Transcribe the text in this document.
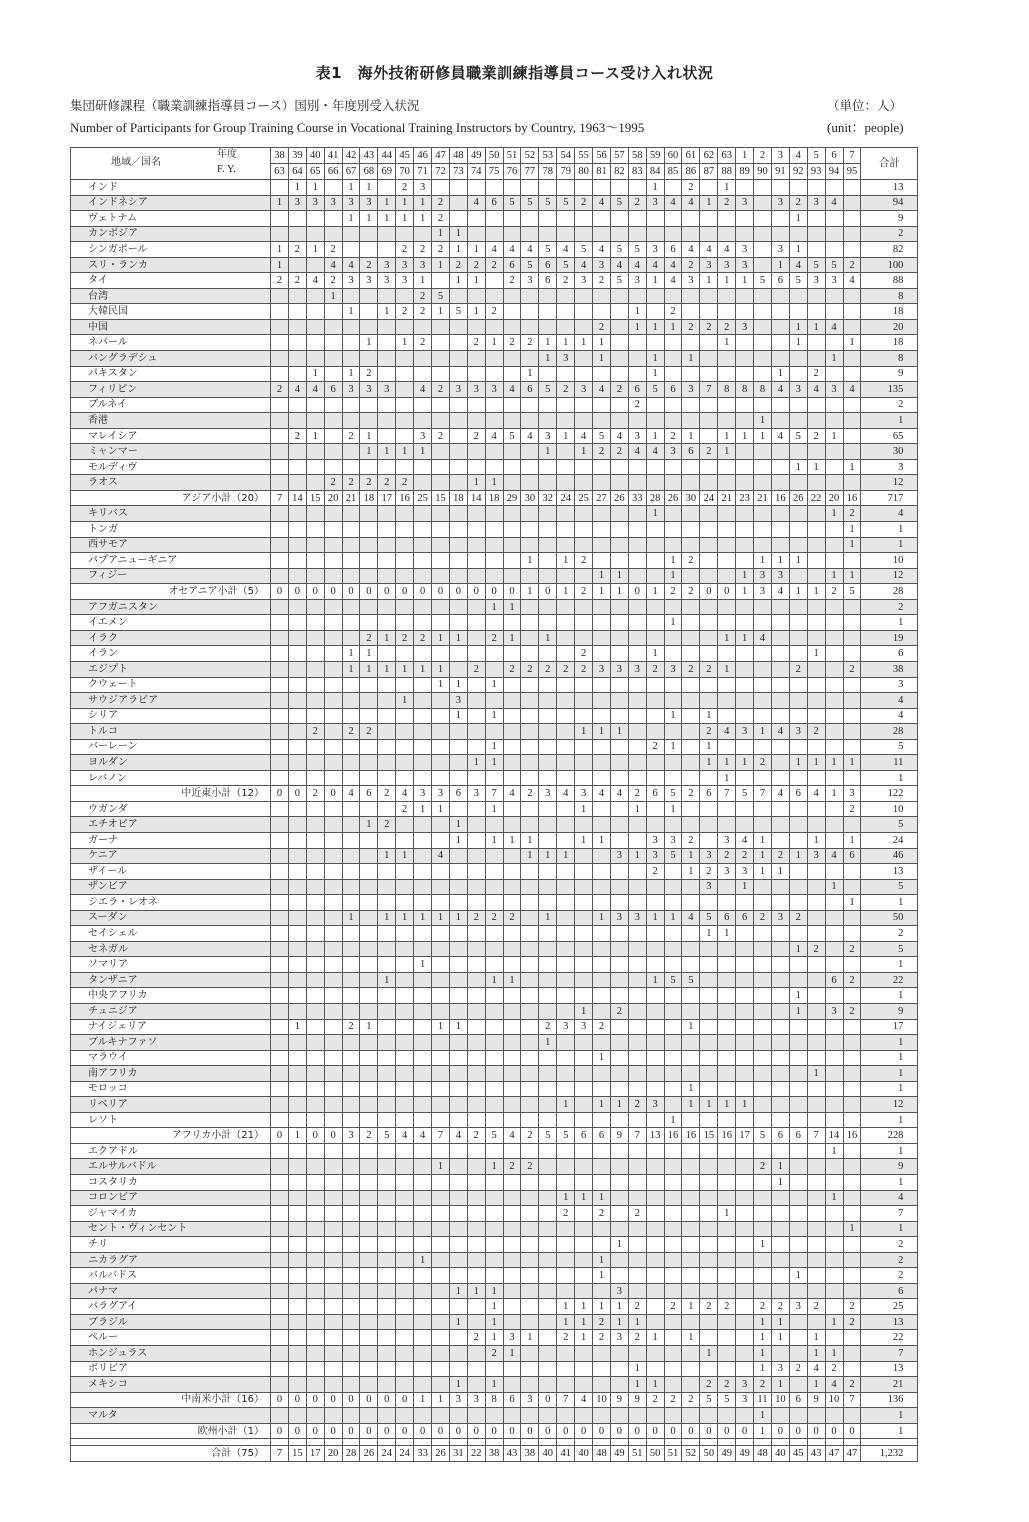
表1　海外技術研修員職業訓練指導員コース受け入れ状況
集団研修課程（職業訓練指導員コース）国別・年度別受入状況
Number of Participants for Group Training Course in Vocational Training Instructors by Country, 1963～1995
（単位：人）
(unit：people)
地域／国名
年度
F. Y.	38	39	40	41	42	43	44	45	46	47	48	49	50	51	52	53	54	55	56	57	58	59	60	61	62	63	1	2	3	4	5	6	7	合計
	63	64	65	66	67	68	69	70	71	72	73	74	75	76	77	78	79	80	81	82	83	84	85	86	87	88	89	90	91	92	93	94	95	
インド		1	1		1	1		2	3													1		2		1								13
インドネシア	1	3	3	3	3	3	1	1	1	2		4	6	5	5	5	5	2	4	5	2	3	4	4	1	2	3		3	2	3	4		94
ヴェトナム					1	1	1	1	1	2																				1				9
カンボジア										1	1																							2
シンガポール	1	2	1	2				2	2	2	1	1	4	4	4	5	4	5	4	5	5	3	6	4	4	4	3		3	1				82
スリ・ランカ	1			4	4	2	3	3	3	1	2	2	2	6	5	6	5	4	3	4	4	4	4	2	3	3	3		1	4	5	5	2	100
タイ	2	2	4	2	3	3	3	3	1		1	1		2	3	6	2	3	2	5	3	1	4	3	1	1	1	5	6	5	3	3	4	88
台湾				1					2	5																								8
大韓民国					1		1	2	2	1	5	1	2								1		2											18
中国																			2		1	1	1	2	2	2	3			1	1	4		20
ネパール						1		1	2			2	1	2	2	1	1	1	1							1				1			1	18
バングラデシュ																1	3		1			1		1								1		8
パキスタン			1		1	2									1							1							1		2			9
フィリピン	2	4	4	6	3	3	3		4	2	3	3	3	4	6	5	2	3	4	2	6	5	6	3	7	8	8	8	4	3	4	3	4	135
ブルネイ																					2													2
香港																												1						1
マレイシア		2	1		2	1			3	2		2	4	5	4	3	1	4	5	4	3	1	2	1		1	1	1	4	5	2	1		65
ミャンマー						1	1	1	1							1		1	2	2	4	4	3	6	2	1								30
モルディヴ																														1	1		1	3
ラオス				2	2	2	2	2				1	1																					12
アジア小計（20）	7	14	15	20	21	18	17	16	25	15	18	14	18	29	30	32	24	25	27	26	33	28	26	30	24	21	23	21	16	26	22	20	16	717
キリバス																						1										1	2	4
トンガ																																	1	1
西サモア																																	1	1
パプアニューギニア															1		1	2					1	2				1	1	1				10
フィジー																			1	1			1				1	3	3			1	1	12
オセアニア小計（5）	0	0	0	0	0	0	0	0	0	0	0	0	0	0	1	0	1	2	1	1	0	1	2	2	0	0	1	3	4	1	1	2	5	28
アフガニスタン													1	1																				2
イエメン																							1											1
イラク						2	1	2	2	1	1		2	1		1										1	1	4						19
イラン					1	1												2				1									1			6
エジプト					1	1	1	1	1	1		2		2	2	2	2	2	3	3	3	2	3	2	2	1				2			2	38
クウェート										1	1		1																					3
サウジアラビア								1			3																							4
シリア											1		1										1		1									4
トルコ			2		2	2												1	1	1					2	4	3	1	4	3	2			28
バーレーン													1									2	1		1									5
ヨルダン												1	1												1	1	1	2		1	1	1	1	11
レバノン																										1								1
中近東小計（12）	0	0	2	0	4	6	2	4	3	3	6	3	7	4	2	3	4	3	4	4	2	6	5	2	6	7	5	7	4	6	4	1	3	122
ウガンダ								2	1	1			1					1			1		1										2	10
エチオピア						1	2				1																							5
ガーナ											1		1	1	1			1	1			3	3	2		3	4	1			1		1	24
ケニア							1	1		4					1	1	1			3	1	3	5	1	3	2	2	1	2	1	3	4	6	46
ザイール																						2		1	2	3	3	1	1					13
ザンビア																									3		1					1		5
シエラ・レオネ																																	1	1
スーダン					1		1	1	1	1	1	2	2	2		1			1	3	3	1	1	4	5	6	6	2	3	2				50
セイシェル																									1	1								2
セネガル																														1	2		2	5
ソマリア									1																									1
タンザニア							1						1	1								1	5	5								6	2	22
中央アフリカ																														1				1
チュニジア																		1		2										1		3	2	9
ナイジェリア		1			2	1				1	1					2	3	3	2					1										17
ブルキナファソ																1																		1
マラウイ																			1															1
南アフリカ																															1			1
モロッコ																								1										1
リベリア																	1		1	1	2	3		1	1	1	1							12
レソト																							1											1
アフリカ小計（21）	0	1	0	0	3	2	5	4	4	7	4	2	5	4	2	5	5	6	6	9	7	13	16	16	15	16	17	5	6	6	7	14	16	228
エクアドル																																1		1
エルサルバドル										1			1	2	2													2	1					9
コスタリカ																													1					1
コロンビア																	1	1	1													1		4
ジャマイカ																	2		2		2					1								7
セント・ヴィンセント																																	1	1
チリ																				1								1						2
ニカラグア									1										1															2
バルバドス																			1											1				2
パナマ											1	1	1							3														6
パラグアイ													1				1	1	1	1	2		2	1	2	2		2	2	3	2		2	25
ブラジル											1		1				1	1	2	1	1							1	1			1	2	13
ペルー												2	1	3	1		2	1	2	3	2	1		1				1	1		1			22
ホンジュラス													2	1											1			1			1	1		7
ボリビア																					1							1	3	2	4	2		13
メキシコ											1		1								1	1			2	2	3	2	1		1	4	2	21
中南米小計（16）	0	0	0	0	0	0	0	0	1	1	3	3	8	6	3	0	7	4	10	9	9	2	2	2	5	5	3	11	10	6	9	10	7	136
マルタ																												1						1
欧州小計（1）	0	0	0	0	0	0	0	0	0	0	0	0	0	0	0	0	0	0	0	0	0	0	0	0	0	0	0	1	0	0	0	0	0	1

合計（75）	7	15	17	20	28	26	24	24	33	26	31	22	38	43	38	40	41	40	48	49	51	50	51	52	50	49	49	48	40	45	43	47	47	1,232
